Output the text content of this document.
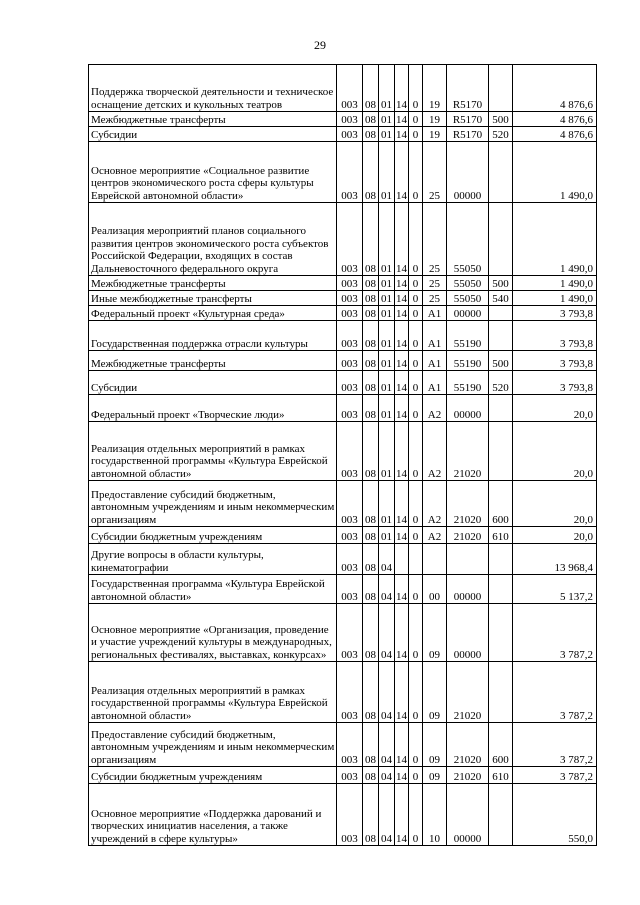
29
Поддержка творческой деятельности и техническое оснащение детских и кукольных театров	003	08	01	14	0	19	R5170		4 876,6
Межбюджетные трансферты	003	08	01	14	0	19	R5170	500	4 876,6
Субсидии	003	08	01	14	0	19	R5170	520	4 876,6
Основное мероприятие «Социальное развитие центров экономического роста сферы культуры Еврейской автономной области»	003	08	01	14	0	25	00000		1 490,0
Реализация мероприятий планов социального развития центров экономического роста субъектов Российской Федерации, входящих в состав Дальневосточного федерального округа	003	08	01	14	0	25	55050		1 490,0
Межбюджетные трансферты	003	08	01	14	0	25	55050	500	1 490,0
Иные межбюджетные трансферты	003	08	01	14	0	25	55050	540	1 490,0
Федеральный проект «Культурная среда»	003	08	01	14	0	A1	00000		3 793,8
Государственная поддержка отрасли культуры	003	08	01	14	0	A1	55190		3 793,8
Межбюджетные трансферты	003	08	01	14	0	A1	55190	500	3 793,8
Субсидии	003	08	01	14	0	A1	55190	520	3 793,8
Федеральный проект «Творческие люди»	003	08	01	14	0	A2	00000		20,0
Реализация отдельных мероприятий в рамках государственной программы «Культура Еврейской автономной области»	003	08	01	14	0	A2	21020		20,0
Предоставление субсидий бюджетным, автономным учреждениям и иным некоммерческим организациям	003	08	01	14	0	A2	21020	600	20,0
Субсидии бюджетным учреждениям	003	08	01	14	0	A2	21020	610	20,0
Другие вопросы в области культуры, кинематографии	003	08	04						13 968,4
Государственная программа «Культура Еврейской автономной области»	003	08	04	14	0	00	00000		5 137,2
Основное мероприятие «Организация, проведение и участие учреждений культуры в международных, региональных фестивалях, выставках, конкурсах»	003	08	04	14	0	09	00000		3 787,2
Реализация отдельных мероприятий в рамках государственной программы «Культура Еврейской автономной области»	003	08	04	14	0	09	21020		3 787,2
Предоставление субсидий бюджетным, автономным учреждениям и иным некоммерческим организациям	003	08	04	14	0	09	21020	600	3 787,2
Субсидии бюджетным учреждениям	003	08	04	14	0	09	21020	610	3 787,2
Основное мероприятие «Поддержка дарований и творческих инициатив населения, а также учреждений в сфере культуры»	003	08	04	14	0	10	00000		550,0
